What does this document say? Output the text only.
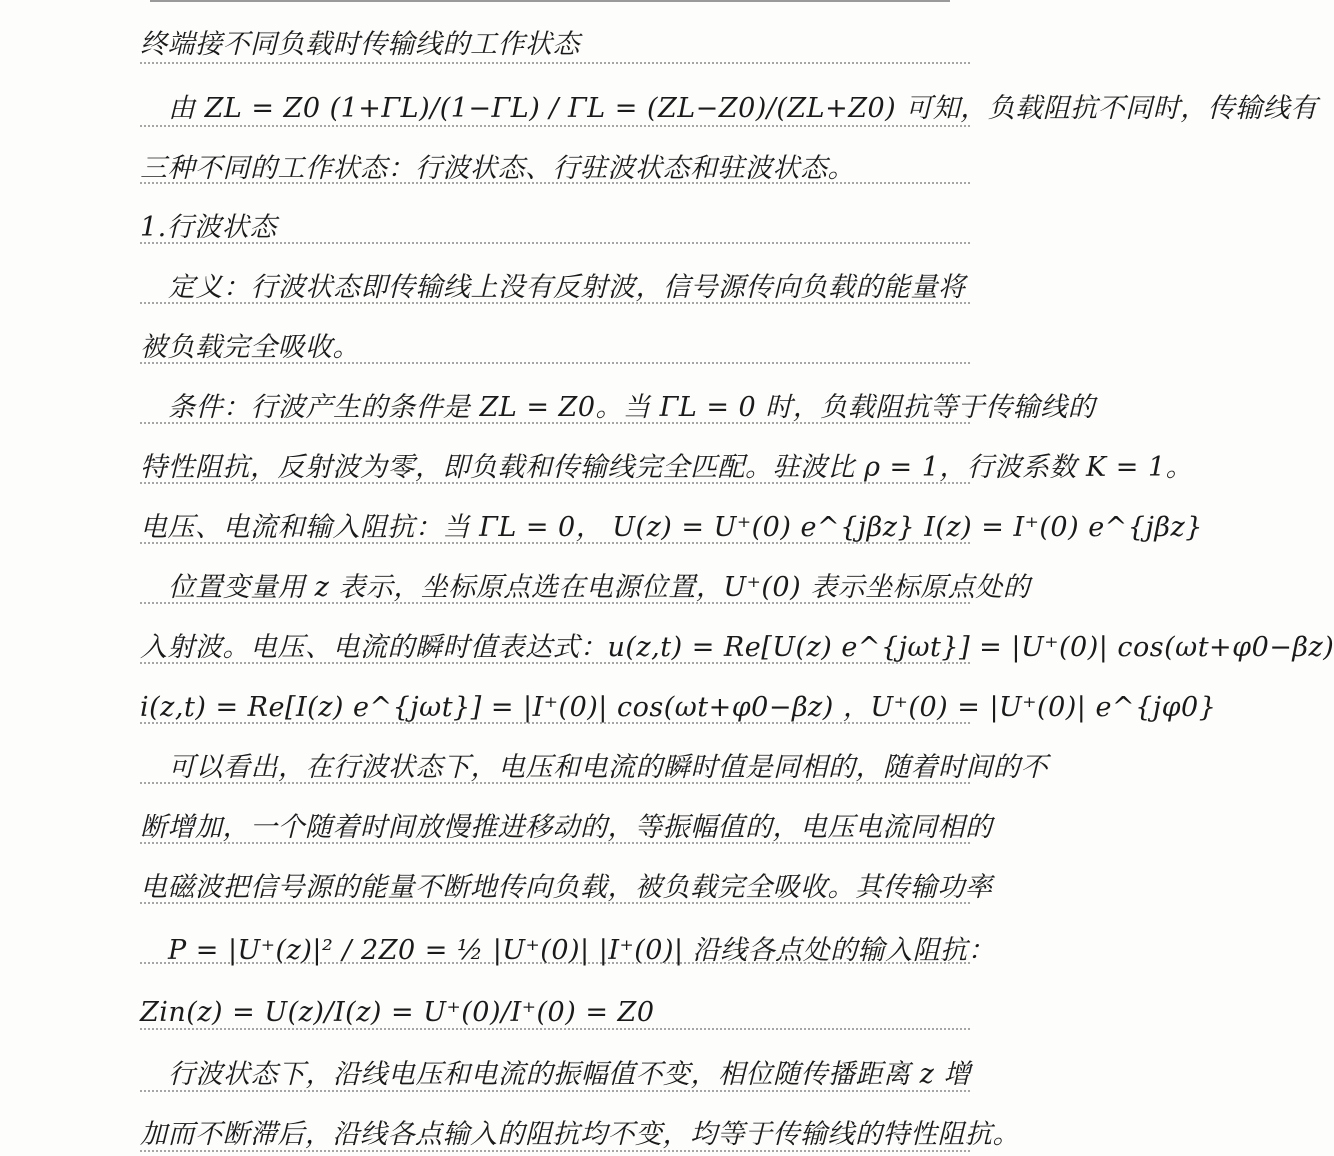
终端接不同负载时传输线的工作状态
由 ZL = Z0 (1+ΓL)/(1−ΓL) / ΓL = (ZL−Z0)/(ZL+Z0) 可知，负载阻抗不同时，传输线有
三种不同的工作状态：行波状态、行驻波状态和驻波状态。
1.行波状态
定义：行波状态即传输线上没有反射波，信号源传向负载的能量将
被负载完全吸收。
条件：行波产生的条件是 ZL = Z0。当 ΓL = 0 时，负载阻抗等于传输线的
特性阻抗，反射波为零，即负载和传输线完全匹配。驻波比 ρ = 1，行波系数 K = 1。
电压、电流和输入阻抗：当 ΓL = 0， U(z) = U⁺(0) e^{jβz} I(z) = I⁺(0) e^{jβz}
位置变量用 z 表示，坐标原点选在电源位置，U⁺(0) 表示坐标原点处的
入射波。电压、电流的瞬时值表达式：u(z,t) = Re[U(z) e^{jωt}] = |U⁺(0)| cos(ωt+φ0−βz)
i(z,t) = Re[I(z) e^{jωt}] = |I⁺(0)| cos(ωt+φ0−βz) ，U⁺(0) = |U⁺(0)| e^{jφ0}
可以看出，在行波状态下，电压和电流的瞬时值是同相的，随着时间的不
断增加，一个随着时间放慢推进移动的，等振幅值的，电压电流同相的
电磁波把信号源的能量不断地传向负载，被负载完全吸收。其传输功率
P = |U⁺(z)|² / 2Z0 = ½ |U⁺(0)| |I⁺(0)| 沿线各点处的输入阻抗：
Zin(z) = U(z)/I(z) = U⁺(0)/I⁺(0) = Z0
行波状态下，沿线电压和电流的振幅值不变，相位随传播距离 z 增
加而不断滞后，沿线各点输入的阻抗均不变，均等于传输线的特性阻抗。
